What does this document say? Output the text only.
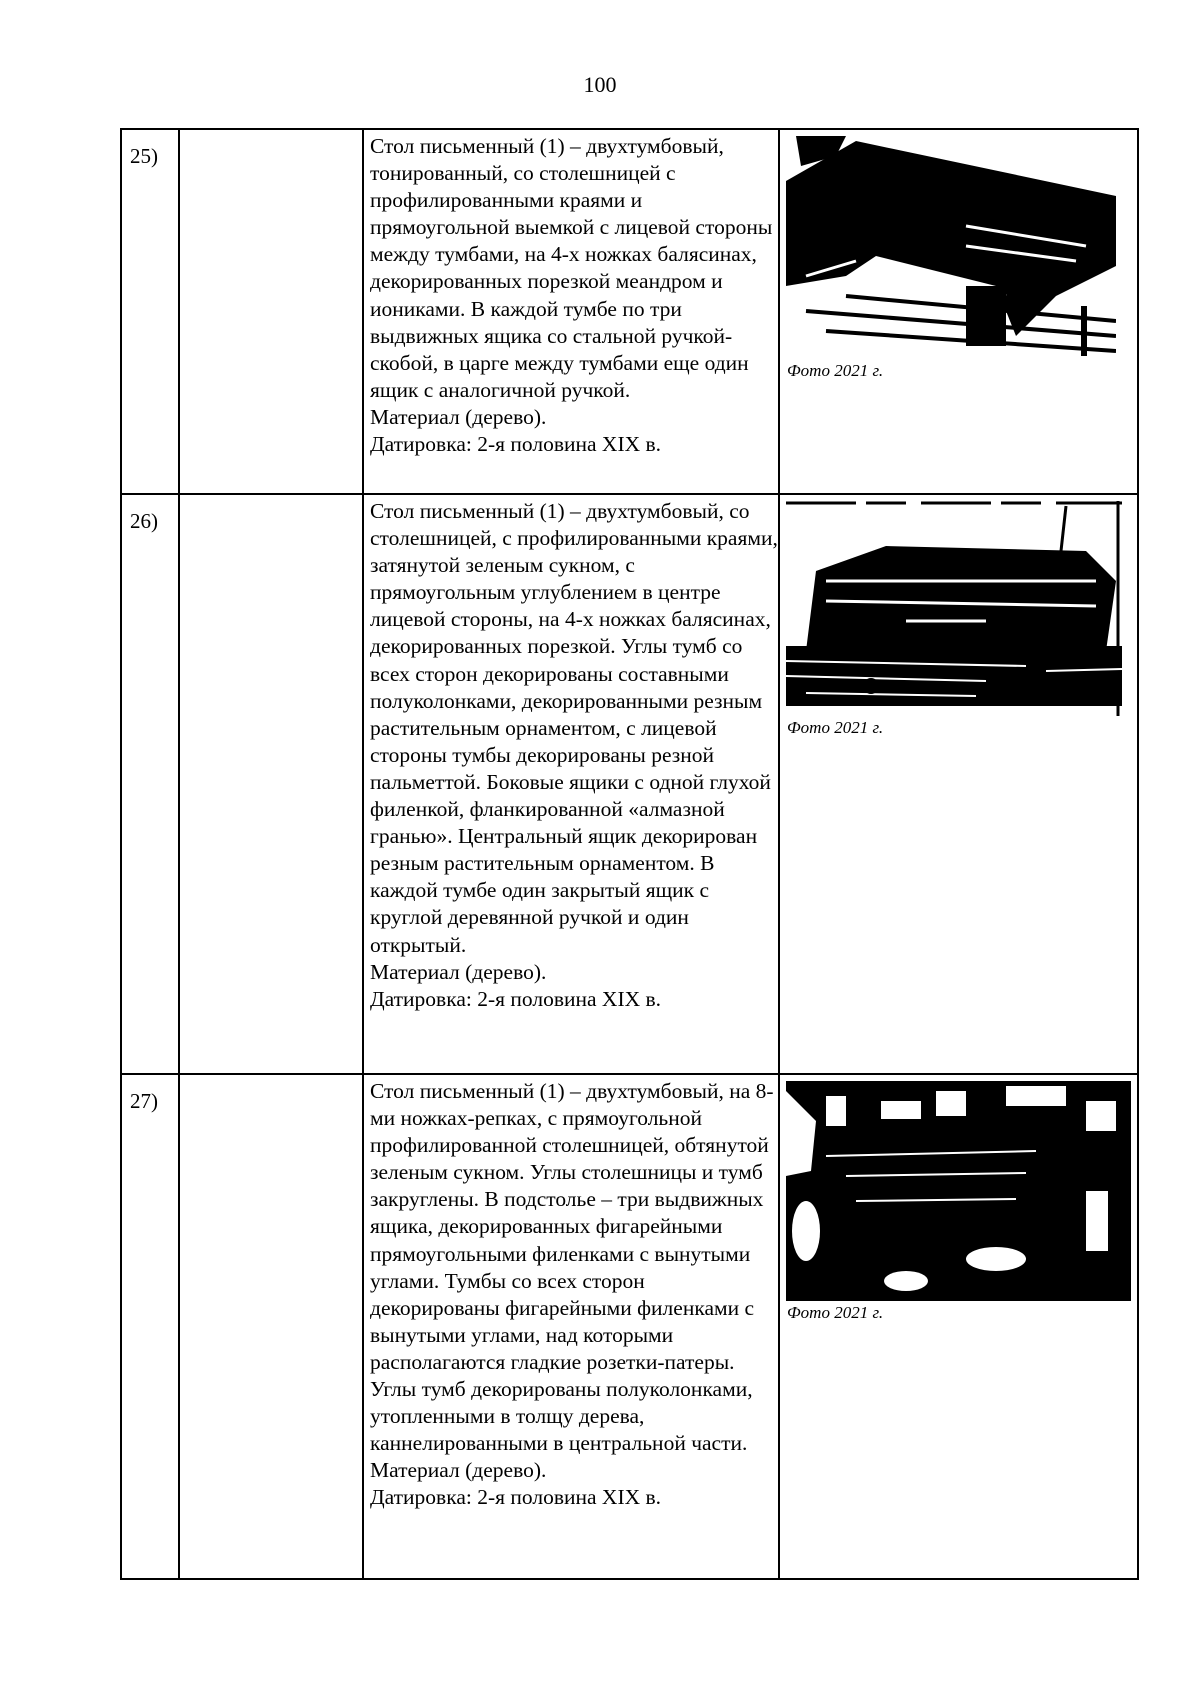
100
25)		Стол письменный (1) – двухтумбовый, тонированный, со столешницей с профилированными краями и прямоугольной выемкой с лицевой стороны между тумбами, на 4-х ножках балясинах, декорированных порезкой меандром и иониками. В каждой тумбе по три выдвижных ящика со стальной ручкой-скобой, в царге между тумбами еще один ящик с аналогичной ручкой.

Материал (дерево).

Датировка: 2-я половина XIX в.	Фото 2021 г.

26)		Стол письменный (1) – двухтумбовый, со столешницей, с профилированными краями, затянутой зеленым сукном, с прямоугольным углублением в центре лицевой стороны, на 4-х ножках балясинах, декорированных порезкой. Углы тумб со всех сторон декорированы составными полуколонками, декорированными резным растительным орнаментом, с лицевой стороны тумбы декорированы резной пальметтой. Боковые ящики с одной глухой филенкой, фланкированной «алмазной гранью». Центральный ящик декорирован резным растительным орнаментом. В каждой тумбе один закрытый ящик с круглой деревянной ручкой и один открытый.

Материал (дерево).

Датировка: 2-я половина XIX в.	Фото 2021 г.

27)		Стол письменный (1) – двухтумбовый, на 8-ми ножках-репках, с прямоугольной профилированной столешницей, обтянутой зеленым сукном. Углы столешницы и тумб закруглены. В подстолье – три выдвижных ящика, декорированных фигарейными прямоугольными филенками с вынутыми углами. Тумбы со всех сторон декорированы фигарейными филенками с вынутыми углами, над которыми располагаются гладкие розетки-патеры. Углы тумб декорированы полуколонками, утопленными в толщу дерева, каннелированными в центральной части. Материал (дерево).

Датировка: 2-я половина XIX в.	Фото 2021 г.
